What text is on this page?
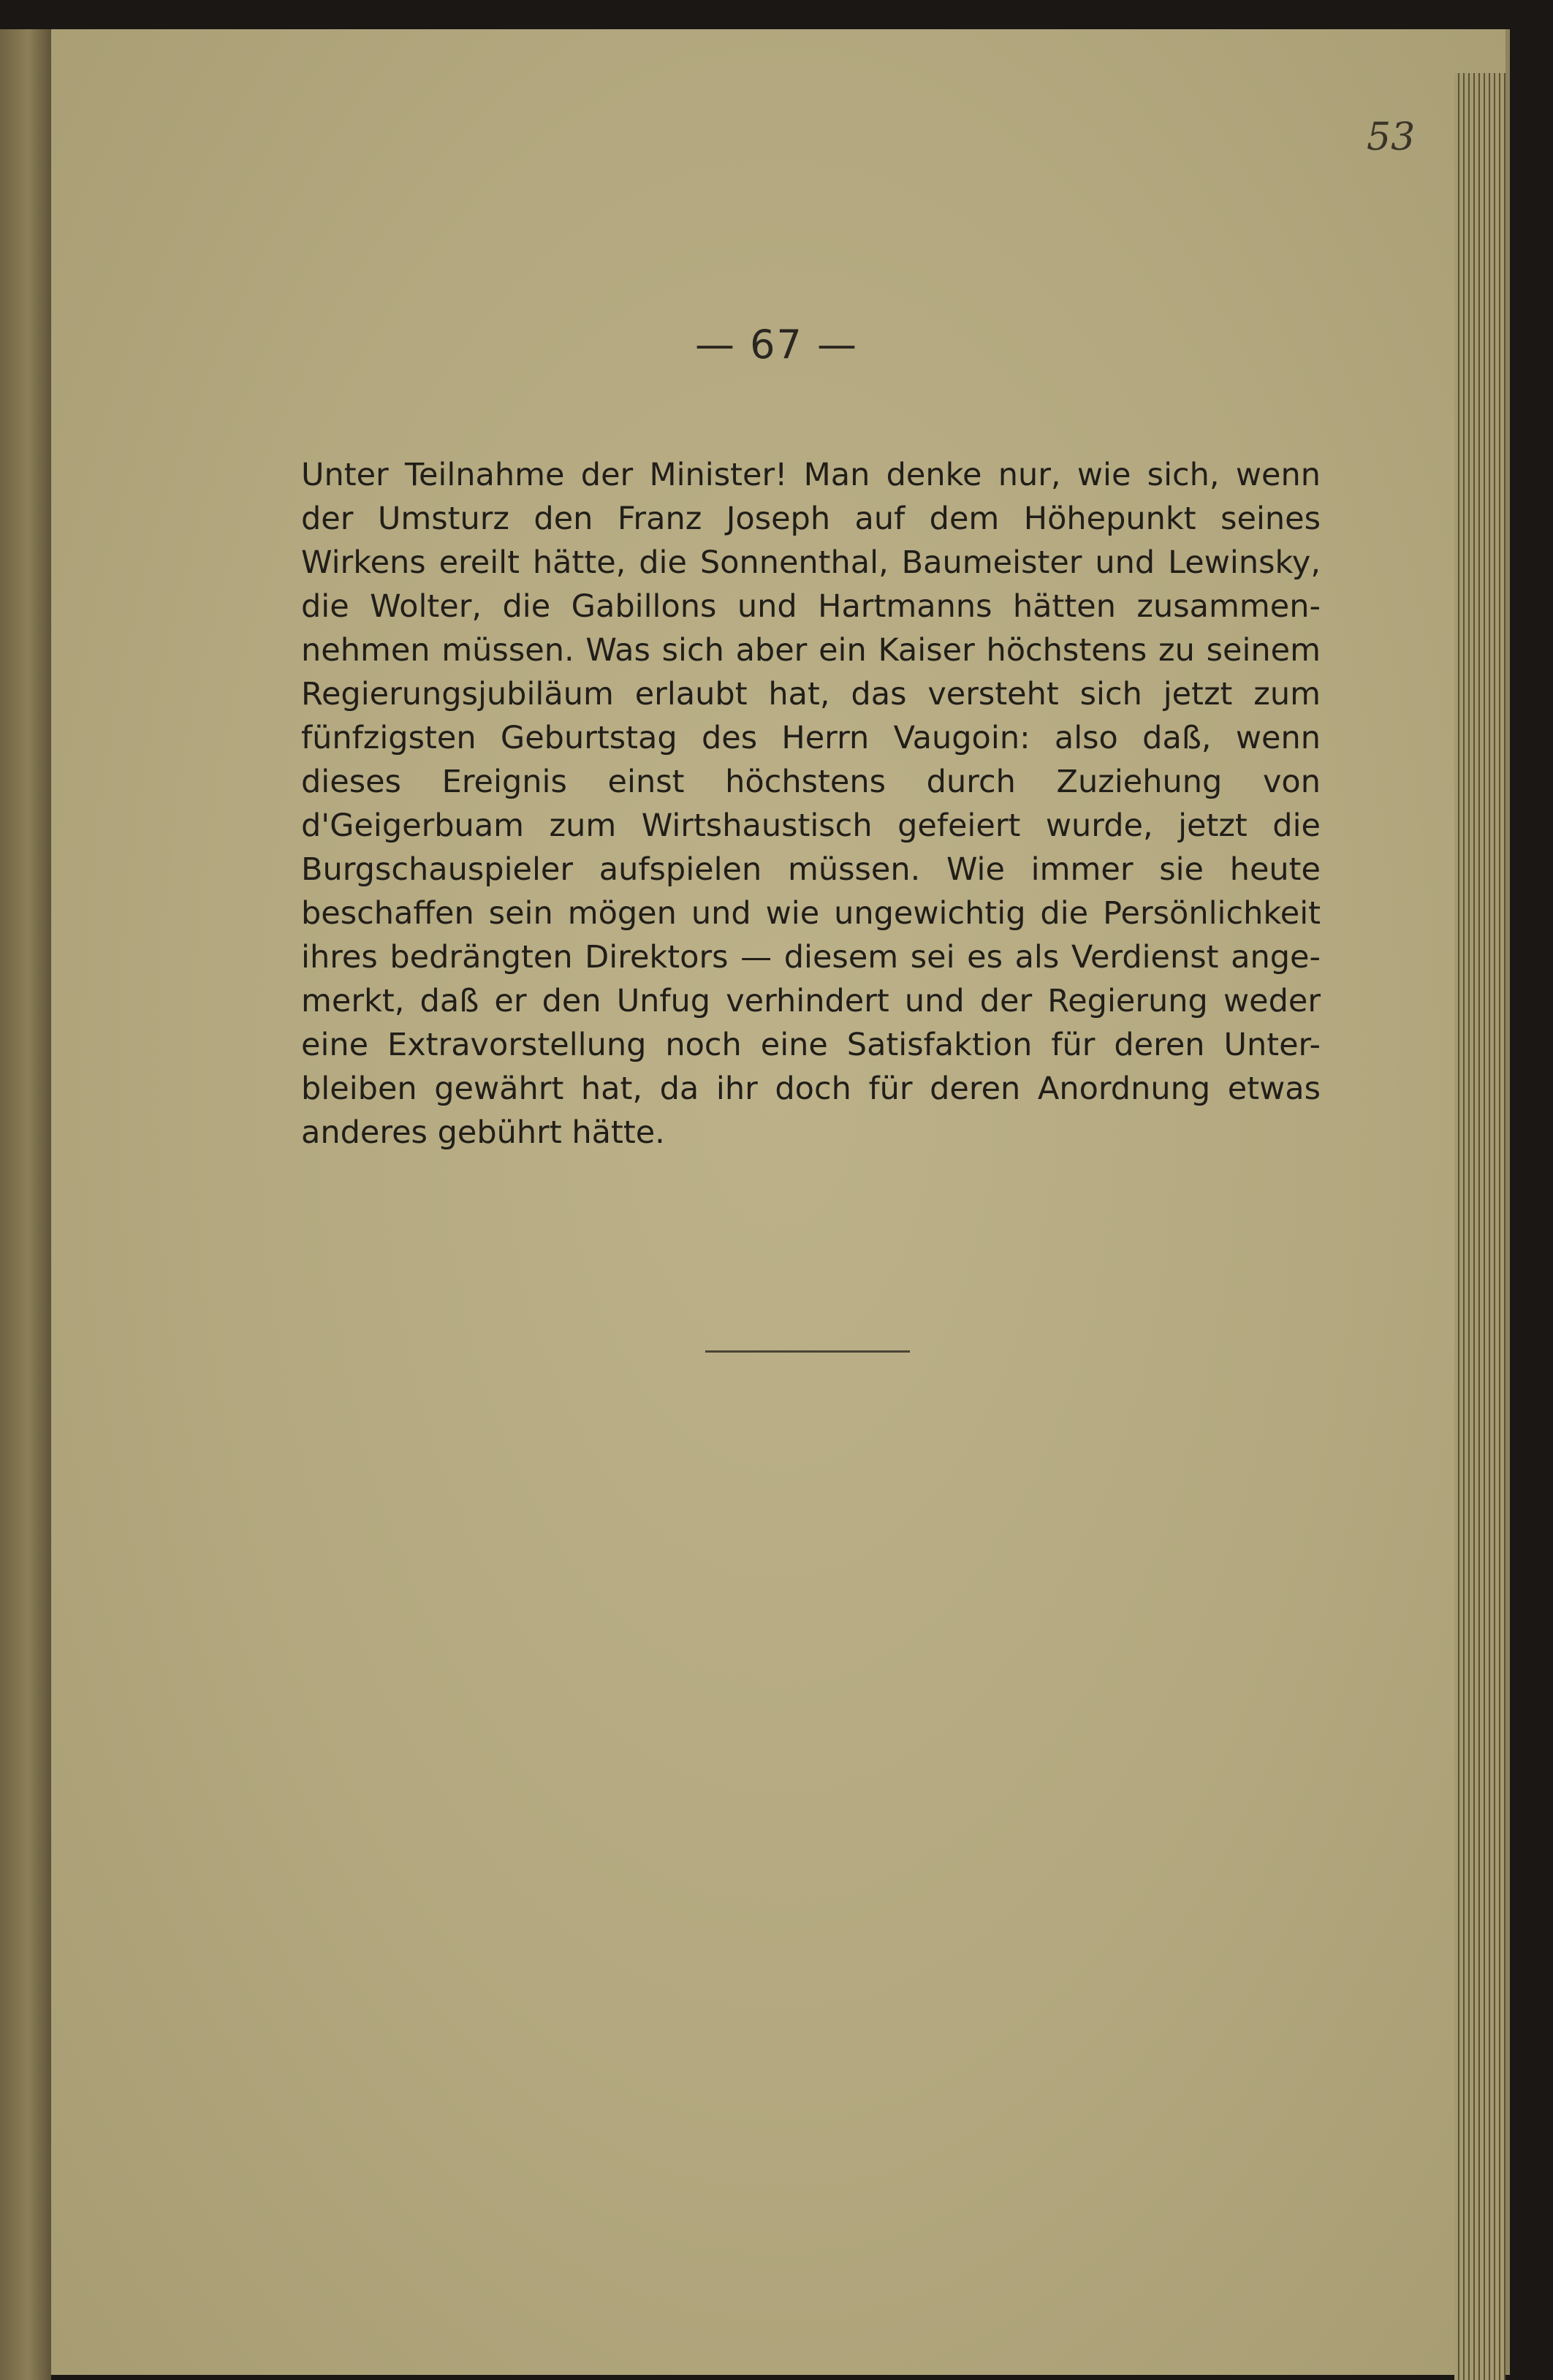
53
— 67 —

Unter Teilnahme der Minister! Man denke nur, wie sich, wenn
der Umsturz den Franz Joseph auf dem Höhepunkt seines
Wirkens ereilt hätte, die Sonnenthal, Baumeister und Lewinsky,
die Wolter, die Gabillons und Hartmanns hätten zusammen-
nehmen müssen. Was sich aber ein Kaiser höchstens zu seinem
Regierungsjubiläum erlaubt hat, das versteht sich jetzt zum
fünfzigsten Geburtstag des Herrn Vaugoin: also daß, wenn
dieses Ereignis einst höchstens durch Zuziehung von
d'Geigerbuam zum Wirtshaustisch gefeiert wurde, jetzt die
Burgschauspieler aufspielen müssen. Wie immer sie heute
beschaffen sein mögen und wie ungewichtig die Persönlichkeit
ihres bedrängten Direktors — diesem sei es als Verdienst ange-
merkt, daß er den Unfug verhindert und der Regierung weder
eine Extravorstellung noch eine Satisfaktion für deren Unter-
bleiben gewährt hat, da ihr doch für deren Anordnung etwas
anderes gebührt hätte.
